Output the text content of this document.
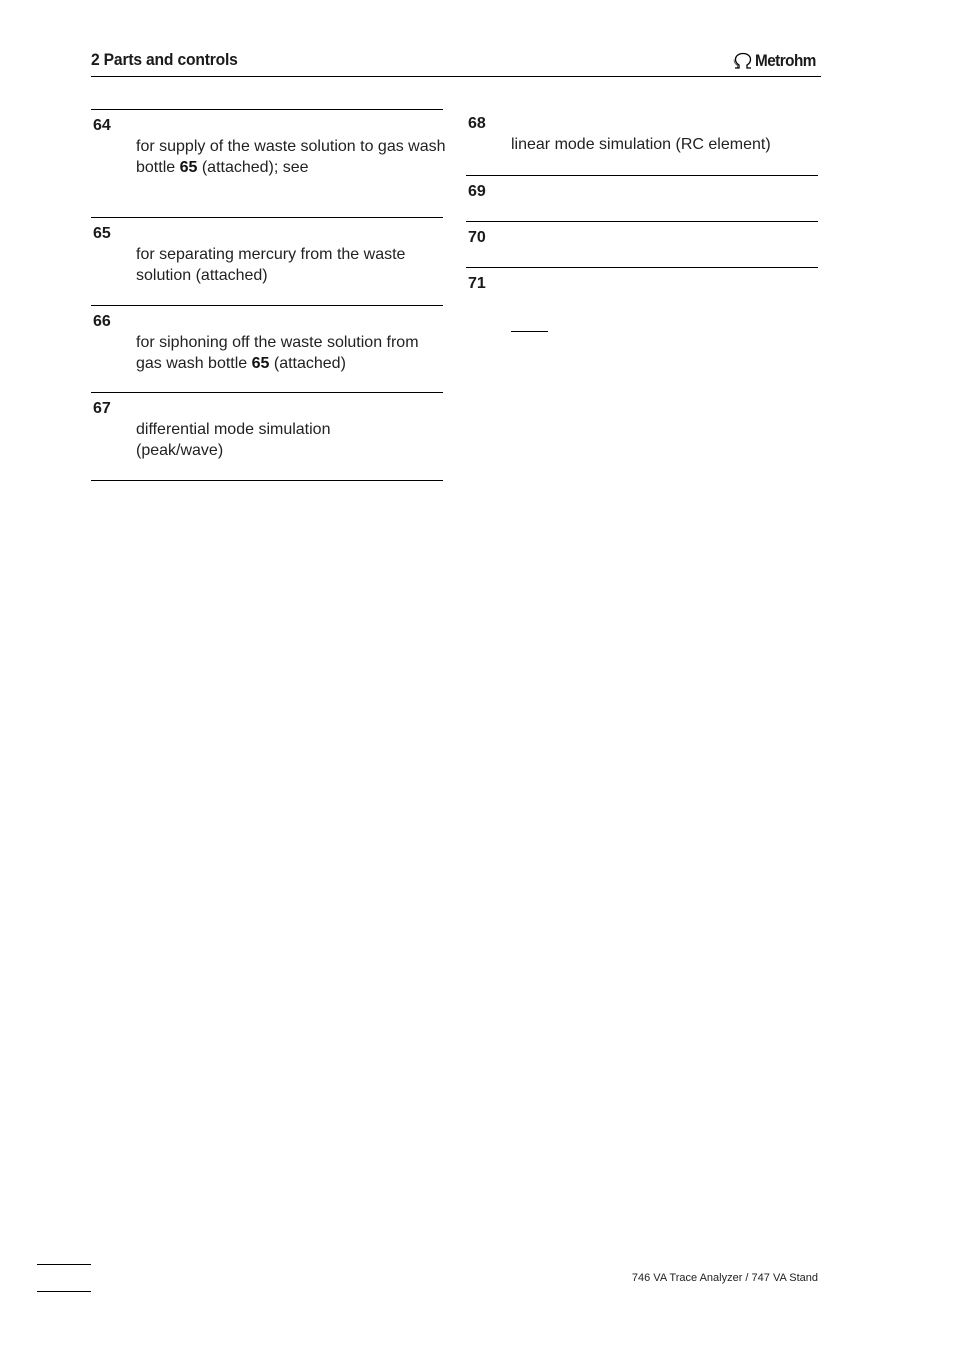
2 Parts and controls	Metrohm
64
for supply of the waste solution to gas wash bottle 65 (attached); see
65
for separating mercury from the waste solution (attached)
66
for siphoning off the waste solution from gas wash bottle 65 (attached)
67
differential mode simulation (peak/wave)
68
linear mode simulation (RC element)
69
70
71
746 VA Trace Analyzer / 747 VA Stand
